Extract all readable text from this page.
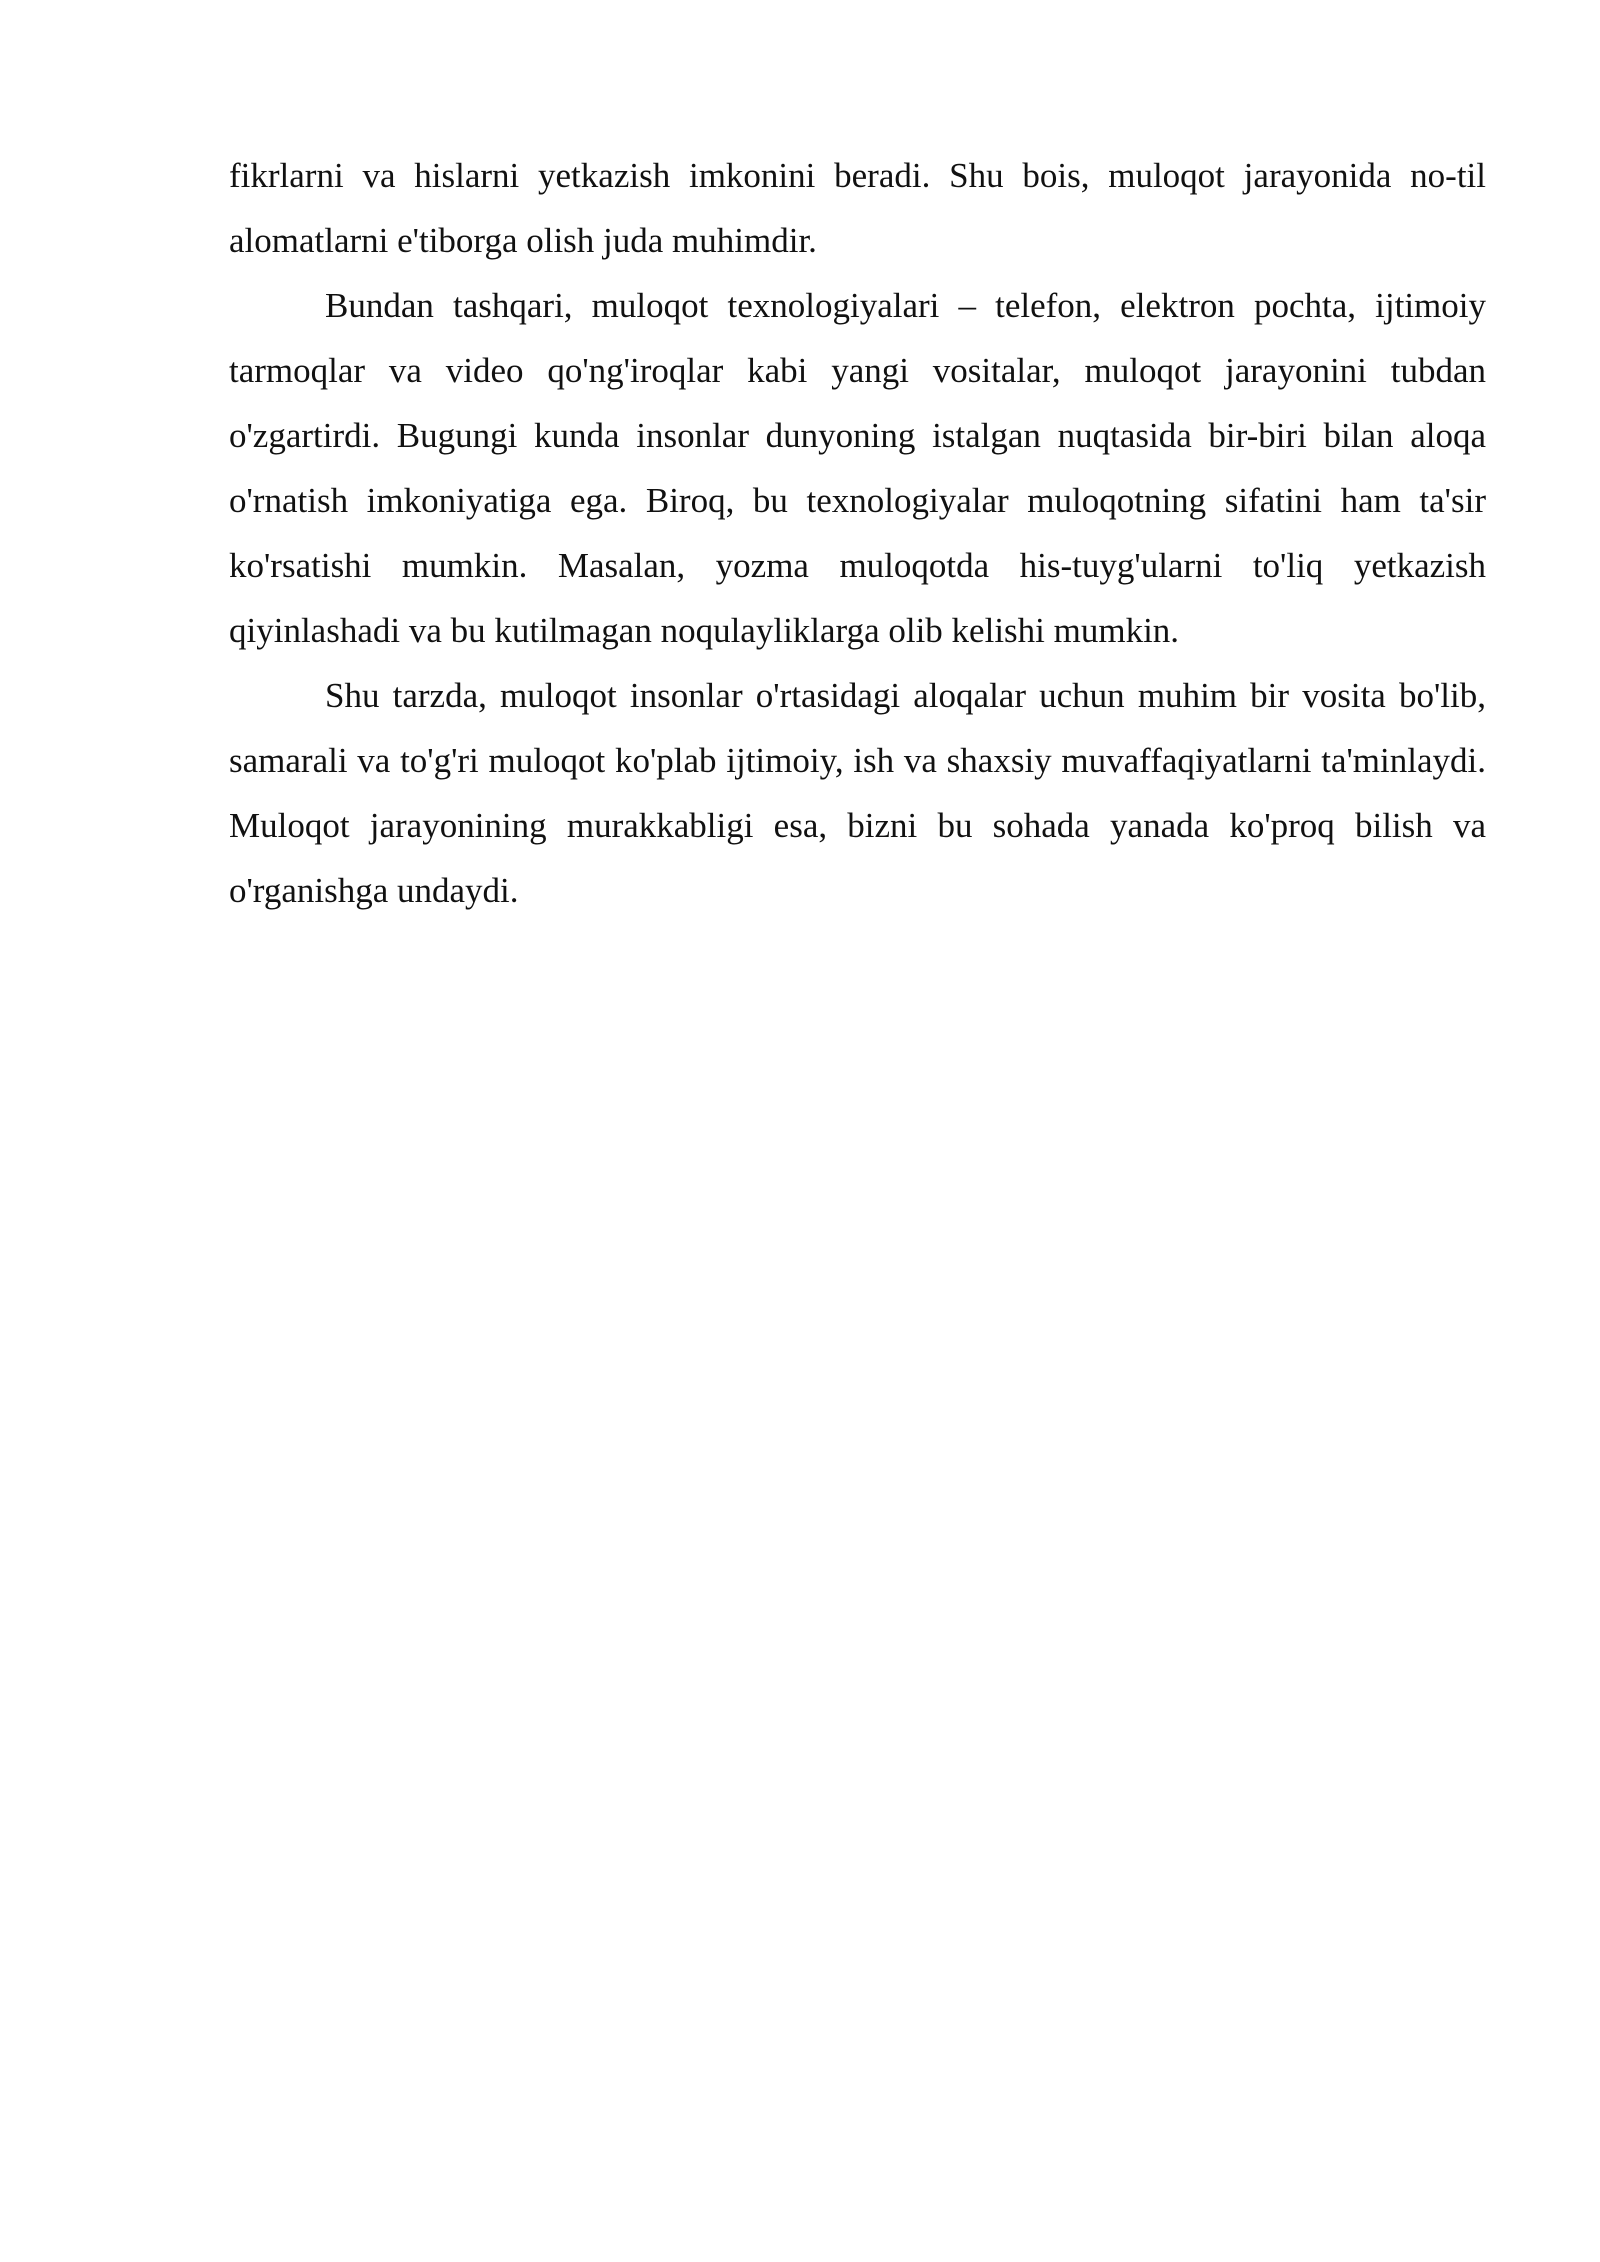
fikrlarni va hislarni yetkazish imkonini beradi. Shu bois, muloqot jarayonida no-til alomatlarni e'tiborga olish juda muhimdir.

Bundan tashqari, muloqot texnologiyalari – telefon, elektron pochta, ijtimoiy tarmoqlar va video qo'ng'iroqlar kabi yangi vositalar, muloqot jarayonini tubdan o'zgartirdi. Bugungi kunda insonlar dunyoning istalgan nuqtasida bir-biri bilan aloqa o'rnatish imkoniyatiga ega. Biroq, bu texnologiyalar muloqotning sifatini ham ta'sir ko'rsatishi mumkin. Masalan, yozma muloqotda his-tuyg'ularni to'liq yetkazish qiyinlashadi va bu kutilmagan noqulayliklarga olib kelishi mumkin.

Shu tarzda, muloqot insonlar o'rtasidagi aloqalar uchun muhim bir vosita bo'lib, samarali va to'g'ri muloqot ko'plab ijtimoiy, ish va shaxsiy muvaffaqiyatlarni ta'minlaydi. Muloqot jarayonining murakkabligi esa, bizni bu sohada yanada ko'proq bilish va o'rganishga undaydi.
